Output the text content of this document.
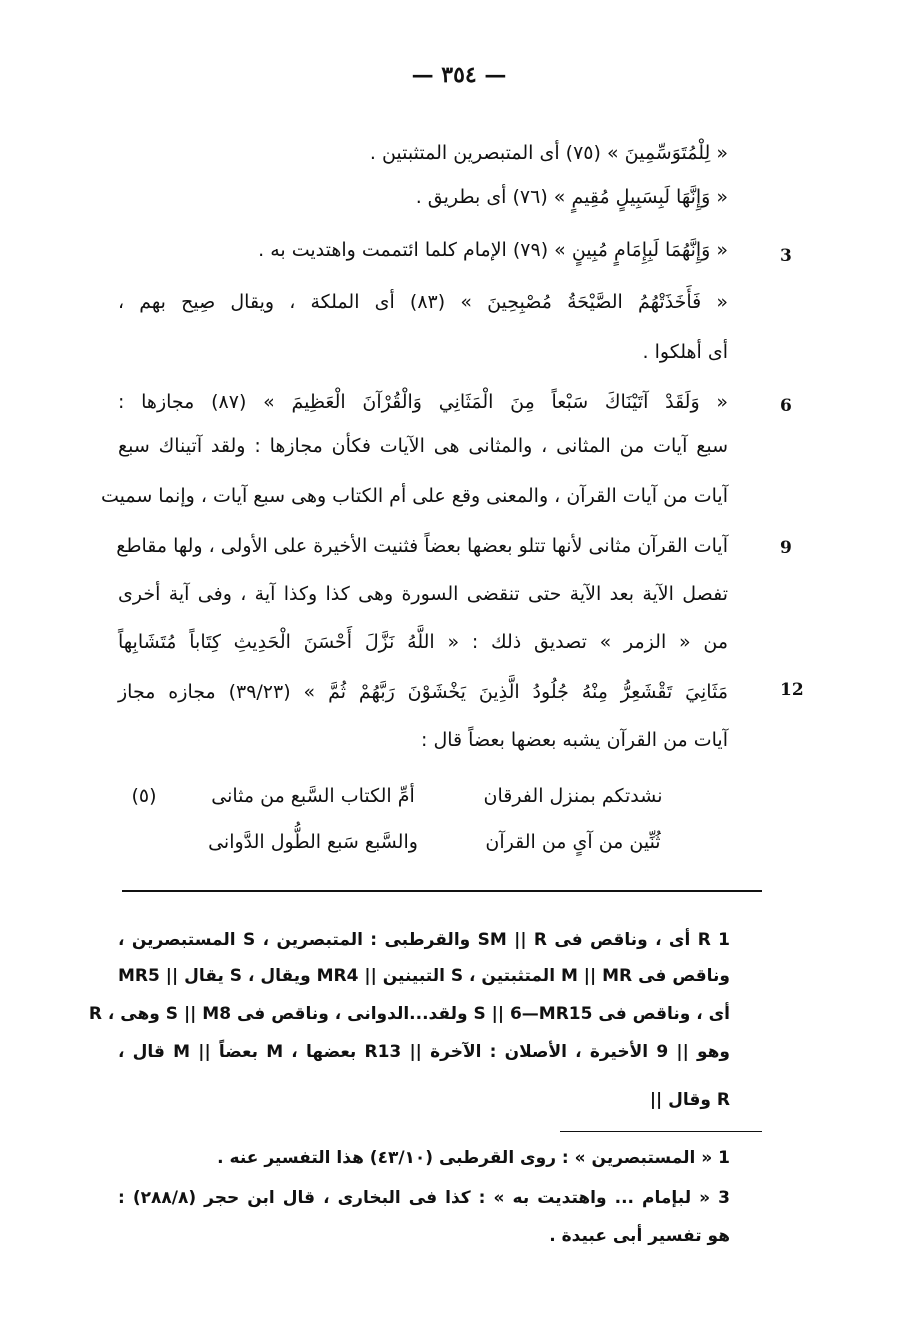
— ٣٥٤ —
« لِلْمُتَوَسِّمِينَ » (٧٥) أى المتبصرين المتثبتين .
« وَإِنَّهَا لَبِسَبِيلٍ مُقِيمٍ » (٧٦) أى بطريق .
« وَإِنَّهُمَا لَبِإِمَامٍ مُبِينٍ » (٧٩) الإمام كلما ائتممت واهتديت به .
« فَأَخَذَتْهُمُ الصَّيْحَةُ مُصْبِحِينَ » (٨٣) أى الملكة ، ويقال صِيح بهم ،
أى أهلكوا .
« وَلَقَدْ آتَيْنَاكَ سَبْعاً مِنَ الْمَثَانِي وَالْقُرْآنَ الْعَظِيمَ » (٨٧) مجازها :
سبع آيات من المثانى ، والمثانى هى الآيات فكأن مجازها : ولقد آتيناك سبع
آيات من آيات القرآن ، والمعنى وقع على أم الكتاب وهى سبع آيات ، وإنما سميت
آيات القرآن مثانى لأنها تتلو بعضها بعضاً فثنيت الأخيرة على الأولى ، ولها مقاطع
تفصل الآية بعد الآية حتى تنقضى السورة وهى كذا وكذا آية ، وفى آية أخرى
من « الزمر » تصديق ذلك : « اللَّهُ نَزَّلَ أَحْسَنَ الْحَدِيثِ كِتَاباً مُتَشَابِهاً
مَثَانِيَ تَقْشَعِرُّ مِنْهُ جُلُودُ الَّذِينَ يَخْشَوْنَ رَبَّهُمْ ثُمَّ » (٣٩/٢٣) مجازه مجاز
آيات من القرآن يشبه بعضها بعضاً قال :
3
6
9
12
نشدتكم بمنزل الفرقان
أمِّ الكتاب السَّبع من مثانى
(٥)
ثُنِّين من آىٍ من القرآن
والسَّبع سَبع الطُّول الدَّوانى
1 R أى ، وناقص فى SM || R والقرطبى : المتبصرين ، S المستبصرين ،
وناقص فى M || MR المتثبتين ، S التبينين || MR4 ويقال ، S يقال || MR5
أى ، وناقص فى S || 6—MR15 ولقد...الدوانى ، وناقص فى S || M8 وهى ، R
وهو || 9 الأخيرة ، الأصلان : الآخرة || R13 بعضها ، M بعضاً || M قال ،
R وقال ||
1 « المستبصرين » : روى القرطبى (٤٣/١٠) هذا التفسير عنه .
3 « لبإمام ... واهتديت به » : كذا فى البخارى ، قال ابن حجر (٢٨٨/٨) :
هو تفسير أبى عبيدة .
